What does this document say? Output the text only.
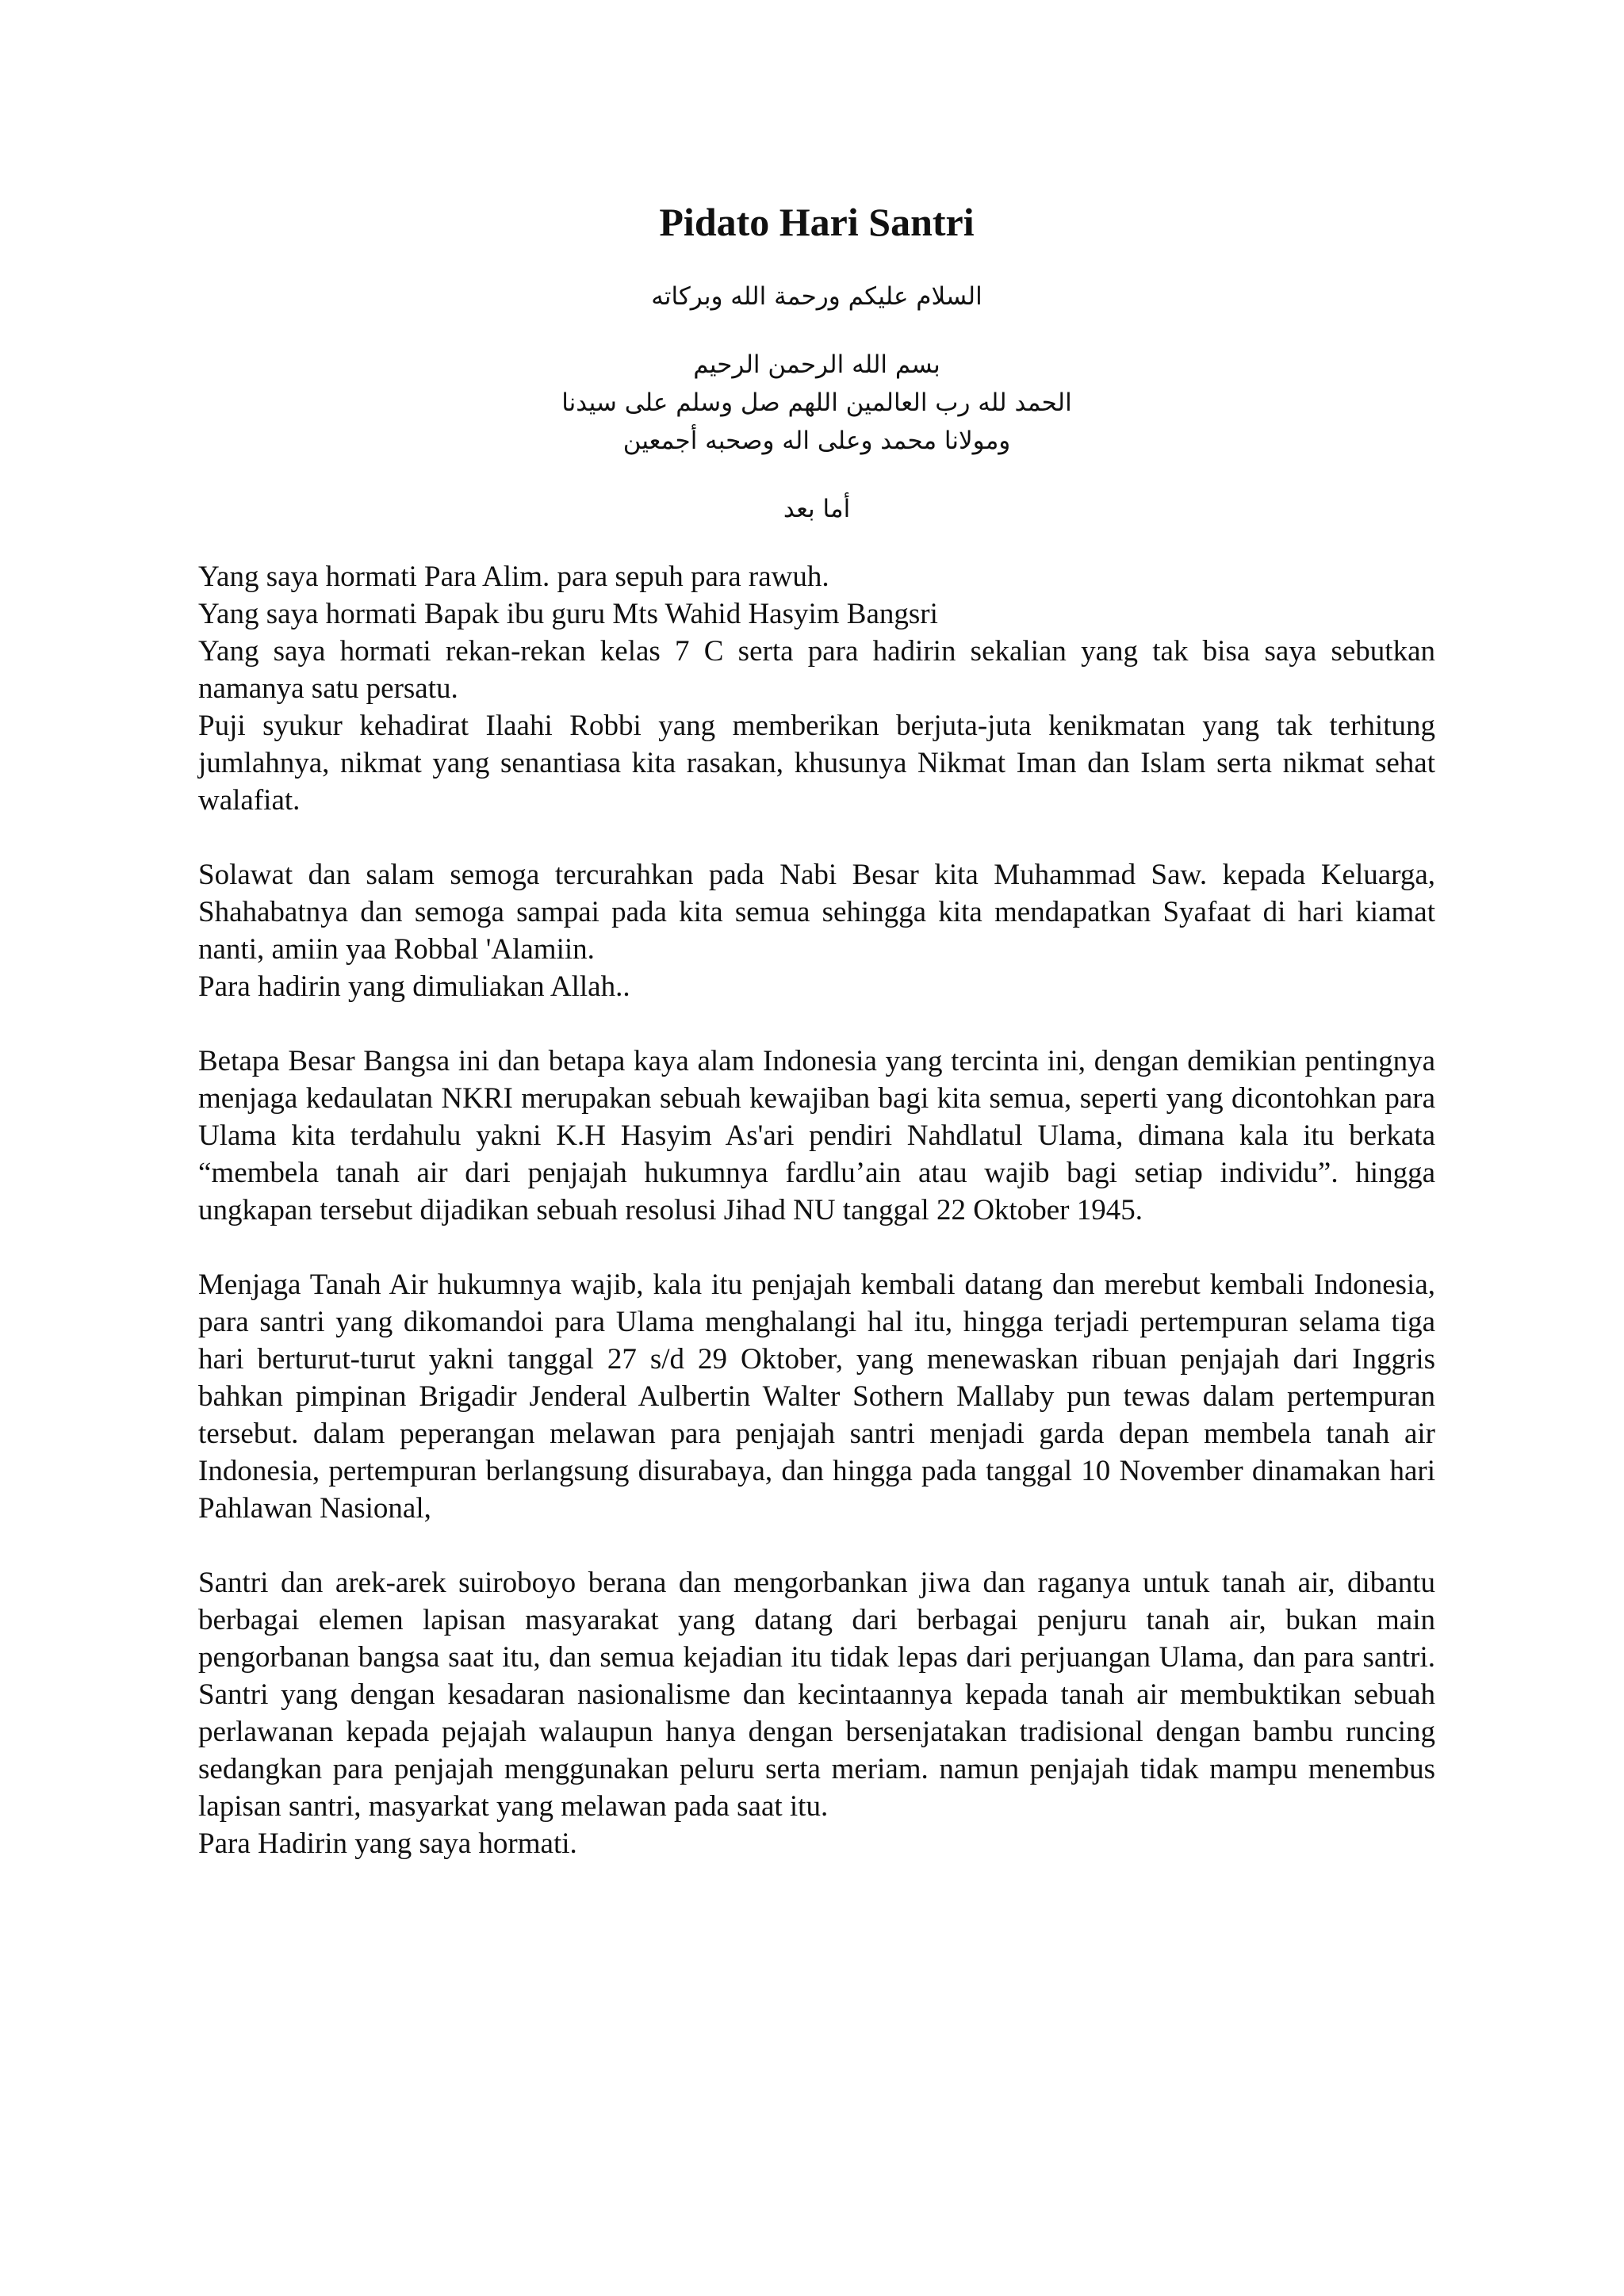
Pidato Hari Santri

السلام عليكم ورحمة الله وبركاته

بسم الله الرحمن الرحيم

الحمد لله رب العالمين اللهم صل وسلم على سيدنا

ومولانا محمد وعلى اله وصحبه أجمعين

أما بعد

Yang saya hormati Para Alim. para sepuh para rawuh.

Yang saya hormati Bapak ibu guru Mts Wahid Hasyim Bangsri

Yang saya hormati rekan-rekan kelas 7 C serta para hadirin sekalian yang tak bisa saya sebutkan namanya satu persatu.

Puji syukur kehadirat Ilaahi Robbi yang memberikan berjuta-juta kenikmatan yang tak terhitung jumlahnya, nikmat yang senantiasa kita rasakan, khusunya Nikmat Iman dan Islam serta nikmat sehat walafiat.

Solawat dan salam semoga tercurahkan pada Nabi Besar kita Muhammad Saw. kepada Keluarga, Shahabatnya dan semoga sampai pada kita semua sehingga kita mendapatkan Syafaat di hari kiamat nanti, amiin yaa Robbal 'Alamiin.

Para hadirin yang dimuliakan Allah..

Betapa Besar Bangsa ini dan betapa kaya alam Indonesia yang tercinta ini, dengan demikian pentingnya menjaga kedaulatan NKRI merupakan sebuah kewajiban bagi kita semua, seperti yang dicontohkan para Ulama kita terdahulu yakni K.H Hasyim As'ari pendiri Nahdlatul Ulama, dimana kala itu berkata “membela tanah air dari penjajah hukumnya fardlu’ain atau wajib bagi setiap individu”. hingga ungkapan tersebut dijadikan sebuah resolusi Jihad NU tanggal 22 Oktober 1945.

Menjaga Tanah Air hukumnya wajib, kala itu penjajah kembali datang dan merebut kembali Indonesia, para santri yang dikomandoi para Ulama menghalangi hal itu, hingga terjadi pertempuran selama tiga hari berturut-turut yakni tanggal 27 s/d 29 Oktober, yang menewaskan ribuan penjajah dari Inggris bahkan pimpinan Brigadir Jenderal Aulbertin Walter Sothern Mallaby pun tewas dalam pertempuran tersebut. dalam peperangan melawan para penjajah santri menjadi garda depan membela tanah air Indonesia, pertempuran berlangsung disurabaya, dan hingga pada tanggal 10 November dinamakan hari Pahlawan Nasional,

Santri dan arek-arek suiroboyo berana dan mengorbankan jiwa dan raganya untuk tanah air, dibantu berbagai elemen lapisan masyarakat yang datang dari berbagai penjuru tanah air, bukan main pengorbanan bangsa saat itu, dan semua kejadian itu tidak lepas dari perjuangan Ulama, dan para santri. Santri yang dengan kesadaran nasionalisme dan kecintaannya kepada tanah air membuktikan sebuah perlawanan kepada pejajah walaupun hanya dengan bersenjatakan tradisional dengan bambu runcing sedangkan para penjajah menggunakan peluru serta meriam. namun penjajah tidak mampu menembus lapisan santri, masyarkat yang melawan pada saat itu.

Para Hadirin yang saya hormati.
